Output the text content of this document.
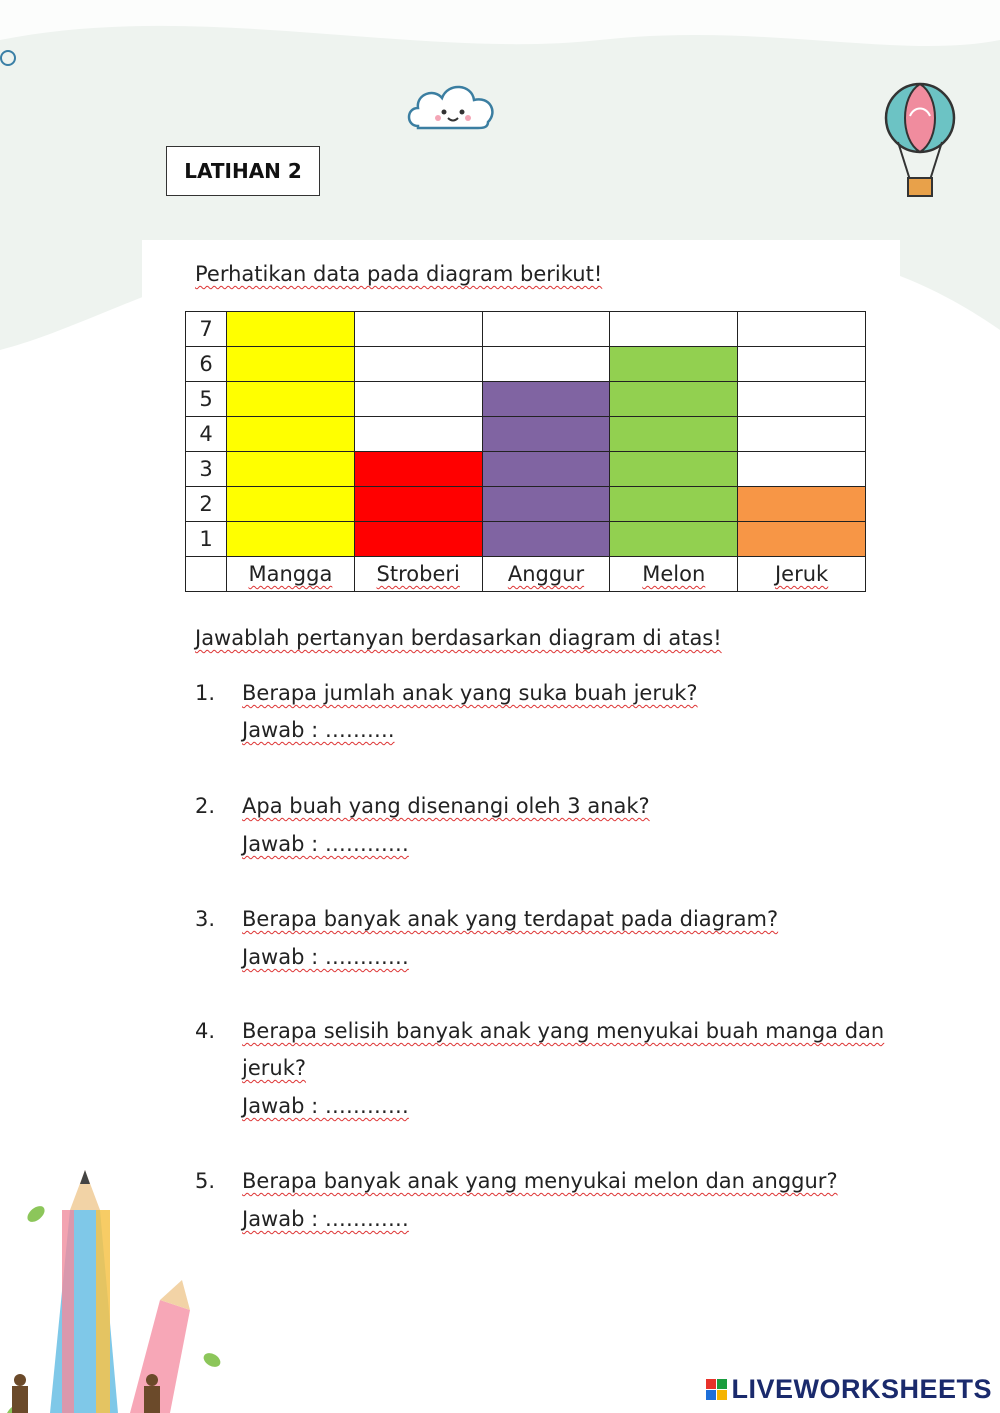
LATIHAN 2
Perhatikan data pada diagram berikut!
7					
6					
5					
4					
3					
2					
1					
	Mangga	Stroberi	Anggur	Melon	Jeruk
Jawablah pertanyan berdasarkan diagram di atas!
1. Berapa jumlah anak yang suka buah jeruk?
Jawab : ……….
2. Apa buah yang disenangi oleh 3 anak?
Jawab : …………
3. Berapa banyak anak yang terdapat pada diagram?
Jawab : …………
4. Berapa selisih banyak anak yang menyukai buah manga dan
jeruk?
Jawab : …………
5. Berapa banyak anak yang menyukai melon dan anggur?
Jawab : …………
LIVEWORKSHEETS
